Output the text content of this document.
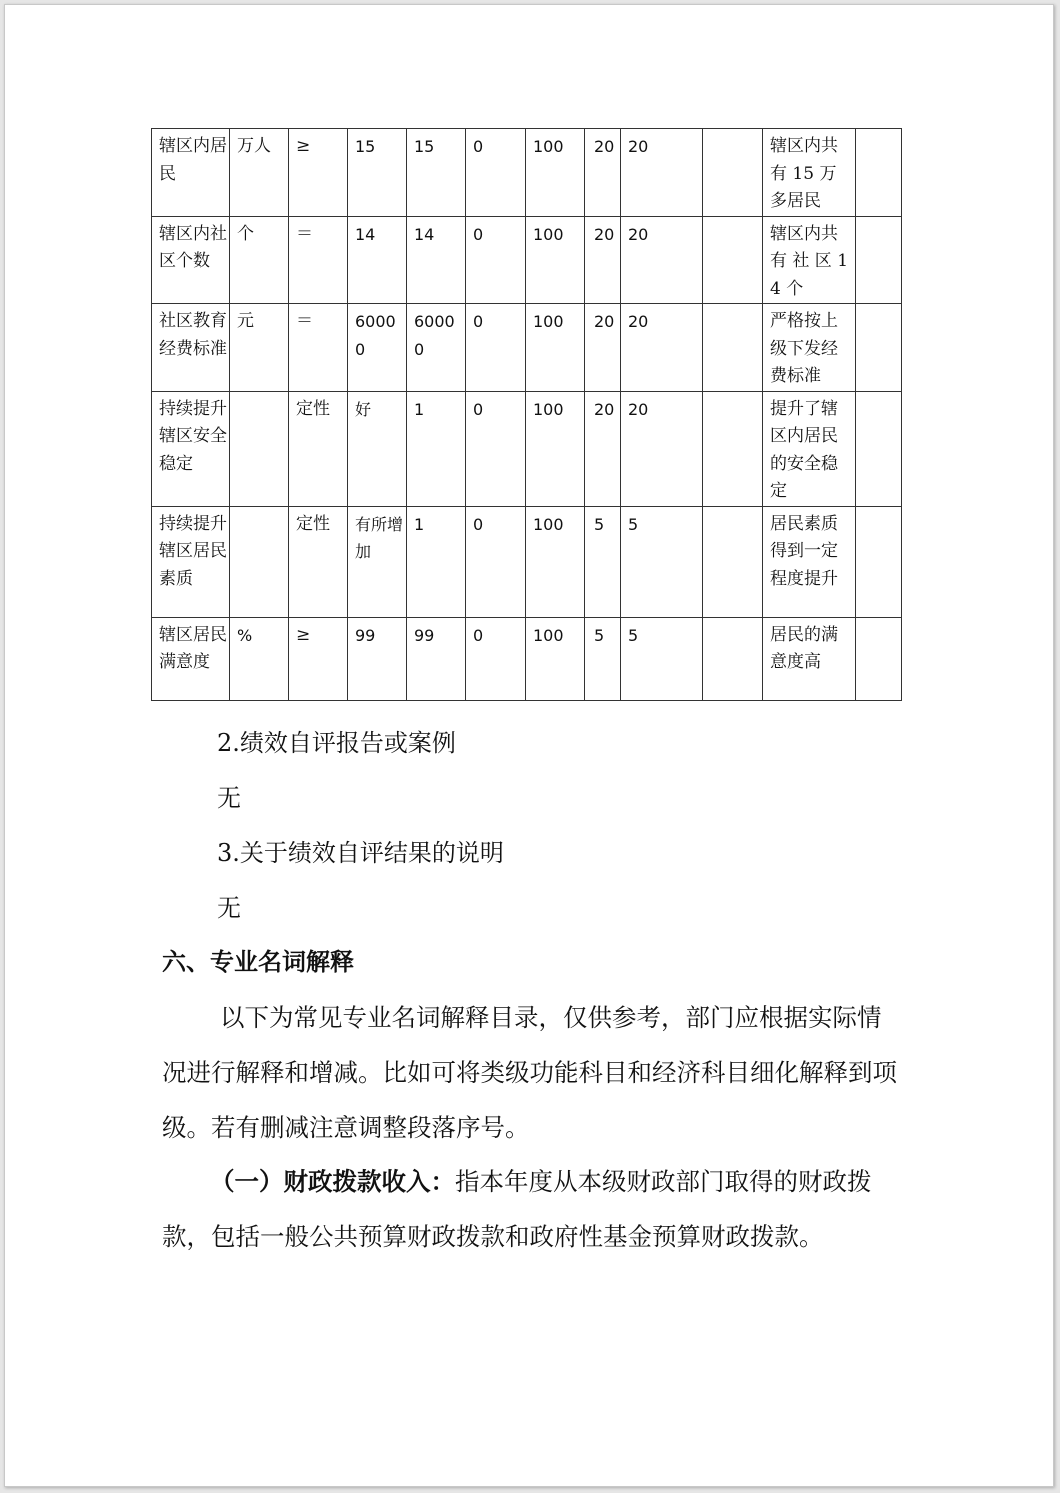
辖区内居民	万人	≥	15	15	0	100	20	20		辖区内共有 15 万多居民	
辖区内社区个数	个	＝	14	14	0	100	20	20		辖区内共有 社 区 14 个	
社区教育经费标准	元	＝	60000	60000	0	100	20	20		严格按上级下发经费标准	
持续提升辖区安全稳定		定性	好	1	0	100	20	20		提升了辖区内居民的安全稳定	
持续提升辖区居民素质		定性	有所增加	1	0	100	5	5		居民素质得到一定程度提升	
辖区居民满意度	%	≥	99	99	0	100	5	5		居民的满意度高	
2.绩效自评报告或案例
无
3.关于绩效自评结果的说明
无
六、专业名词解释
以下为常见专业名词解释目录，仅供参考，部门应根据实际情况进行解释和增减。比如可将类级功能科目和经济科目细化解释到项级。若有删减注意调整段落序号。
（一）财政拨款收入：指本年度从本级财政部门取得的财政拨款，包括一般公共预算财政拨款和政府性基金预算财政拨款。
